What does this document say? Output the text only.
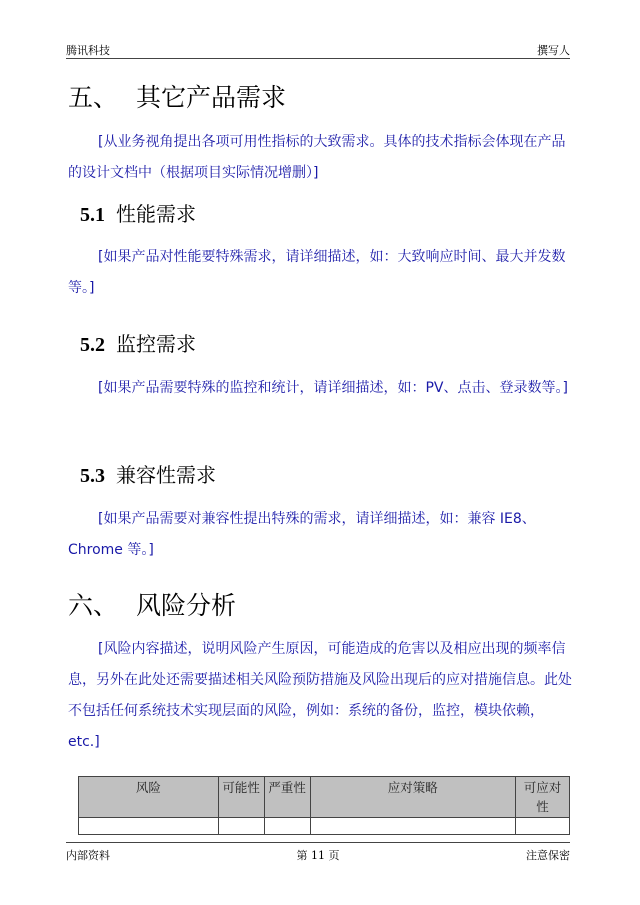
腾讯科技	撰写人
五、 其它产品需求

[从业务视角提出各项可用性指标的大致需求。具体的技术指标会体现在产品的设计文档中（根据项目实际情况增删）]

5.1 性能需求

[如果产品对性能要特殊需求，请详细描述，如：大致响应时间、最大并发数等。]

5.2 监控需求

[如果产品需要特殊的监控和统计，请详细描述，如：PV、点击、登录数等。]

5.3 兼容性需求

[如果产品需要对兼容性提出特殊的需求，请详细描述，如：兼容 IE8、Chrome 等。]

六、 风险分析

[风险内容描述，说明风险产生原因，可能造成的危害以及相应出现的频率信息，另外在此处还需要描述相关风险预防措施及风险出现后的应对措施信息。此处不包括任何系统技术实现层面的风险，例如：系统的备份，监控，模块依赖，etc.]

风险	可能性	严重性	应对策略	可应对性

内部资料	第 11 页	注意保密
